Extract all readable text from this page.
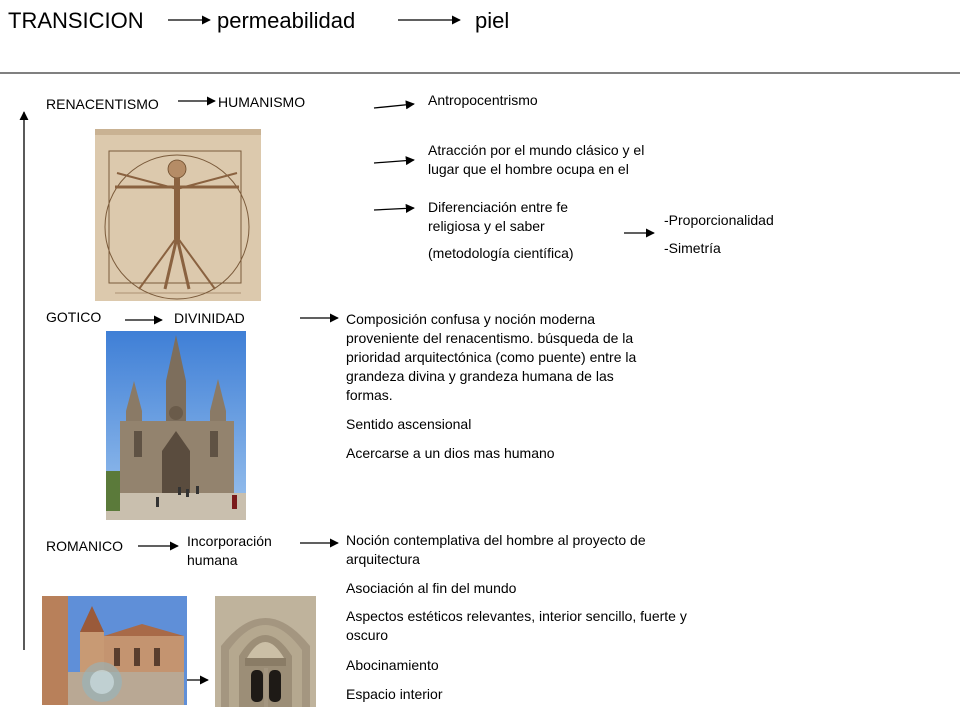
TRANSICION	permeabilidad	piel
RENACENTISMO	HUMANISMO	Antropocentrismo
Atracción por el mundo clásico y el
lugar que el hombre ocupa en el
Diferenciación entre fe
religiosa y el saber
(metodología científica)
-Proporcionalidad
-Simetría
GOTICO	DIVINIDAD	Composición confusa y noción moderna
proveniente del renacentismo. búsqueda de la
prioridad arquitectónica (como puente) entre la
grandeza divina y grandeza humana de las
formas.
Sentido ascensional
Acercarse a un dios mas humano
ROMANICO	Incorporación
humana
Noción contemplativa del hombre al proyecto de
arquitectura
Asociación al fin del mundo
Aspectos estéticos relevantes, interior sencillo, fuerte y
oscuro
Abocinamiento
Espacio interior
